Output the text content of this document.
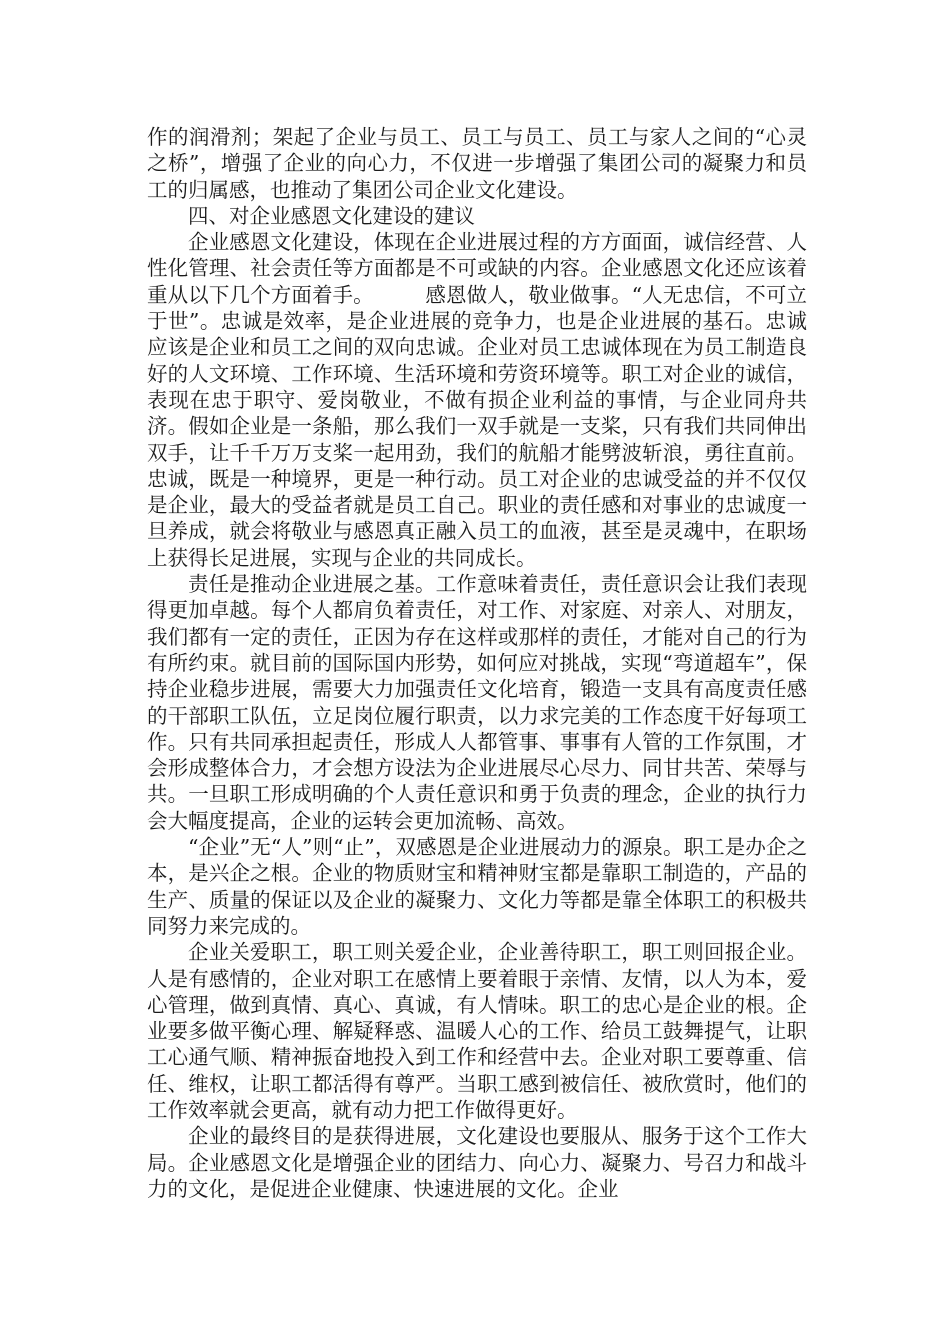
作的润滑剂；架起了企业与员工、员工与员工、员工与家人之间的“心灵之桥”，增强了企业的向心力，不仅进一步增强了集团公司的凝聚力和员工的归属感，也推动了集团公司企业文化建设。

四、对企业感恩文化建设的建议

企业感恩文化建设，体现在企业进展过程的方方面面，诚信经营、人性化管理、社会责任等方面都是不可或缺的内容。企业感恩文化还应该着重从以下几个方面着手。　　　感恩做人，敬业做事。“人无忠信，不可立于世”。忠诚是效率，是企业进展的竞争力，也是企业进展的基石。忠诚应该是企业和员工之间的双向忠诚。企业对员工忠诚体现在为员工制造良好的人文环境、工作环境、生活环境和劳资环境等。职工对企业的诚信，表现在忠于职守、爱岗敬业，不做有损企业利益的事情，与企业同舟共济。假如企业是一条船，那么我们一双手就是一支桨，只有我们共同伸出双手，让千千万万支桨一起用劲，我们的航船才能劈波斩浪，勇往直前。忠诚，既是一种境界，更是一种行动。员工对企业的忠诚受益的并不仅仅是企业，最大的受益者就是员工自己。职业的责任感和对事业的忠诚度一旦养成，就会将敬业与感恩真正融入员工的血液，甚至是灵魂中，在职场上获得长足进展，实现与企业的共同成长。

责任是推动企业进展之基。工作意味着责任，责任意识会让我们表现得更加卓越。每个人都肩负着责任，对工作、对家庭、对亲人、对朋友，我们都有一定的责任，正因为存在这样或那样的责任，才能对自己的行为有所约束。就目前的国际国内形势，如何应对挑战，实现“弯道超车”，保持企业稳步进展，需要大力加强责任文化培育，锻造一支具有高度责任感的干部职工队伍，立足岗位履行职责，以力求完美的工作态度干好每项工作。只有共同承担起责任，形成人人都管事、事事有人管的工作氛围，才会形成整体合力，才会想方设法为企业进展尽心尽力、同甘共苦、荣辱与共。一旦职工形成明确的个人责任意识和勇于负责的理念，企业的执行力会大幅度提高，企业的运转会更加流畅、高效。

“企业”无“人”则“止”，双感恩是企业进展动力的源泉。职工是办企之本，是兴企之根。企业的物质财宝和精神财宝都是靠职工制造的，产品的生产、质量的保证以及企业的凝聚力、文化力等都是靠全体职工的积极共同努力来完成的。

企业关爱职工，职工则关爱企业，企业善待职工，职工则回报企业。人是有感情的，企业对职工在感情上要着眼于亲情、友情，以人为本，爱心管理，做到真情、真心、真诚，有人情味。职工的忠心是企业的根。企业要多做平衡心理、解疑释惑、温暖人心的工作、给员工鼓舞提气，让职工心通气顺、精神振奋地投入到工作和经营中去。企业对职工要尊重、信任、维权，让职工都活得有尊严。当职工感到被信任、被欣赏时，他们的工作效率就会更高，就有动力把工作做得更好。

企业的最终目的是获得进展，文化建设也要服从、服务于这个工作大局。企业感恩文化是增强企业的团结力、向心力、凝聚力、号召力和战斗力的文化，是促进企业健康、快速进展的文化。企业
